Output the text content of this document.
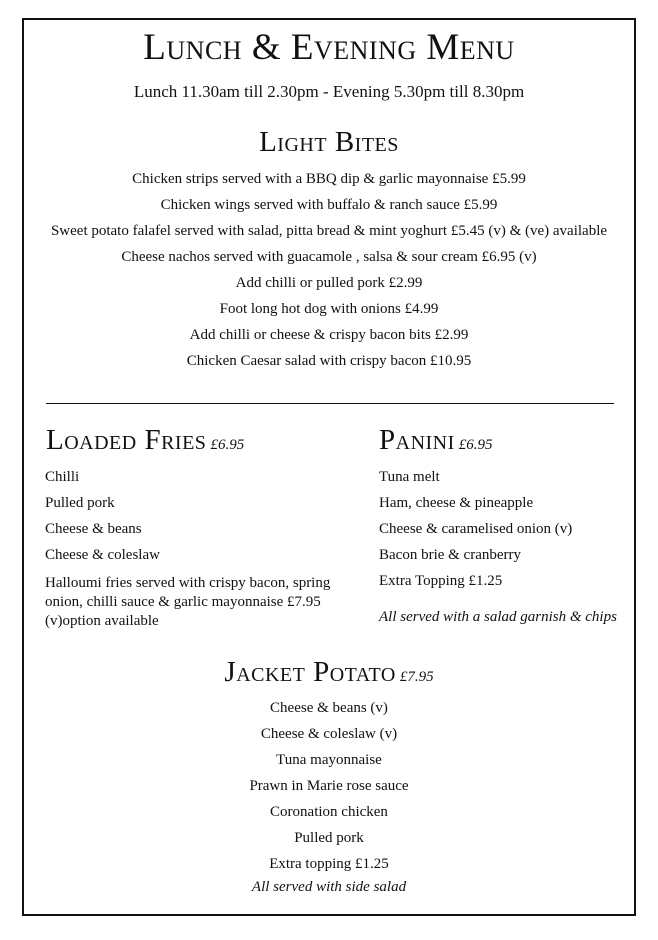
Lunch & Evening Menu
Lunch 11.30am till 2.30pm - Evening 5.30pm till 8.30pm
Light Bites
Chicken strips served with a BBQ dip & garlic mayonnaise £5.99
Chicken wings served with buffalo & ranch sauce £5.99
Sweet potato falafel served with salad, pitta bread & mint yoghurt £5.45 (v) & (ve) available
Cheese nachos served with guacamole , salsa & sour cream £6.95 (v)
Add chilli or pulled pork £2.99
Foot long hot dog with onions £4.99
Add chilli or cheese & crispy bacon bits £2.99
Chicken Caesar salad with crispy bacon £10.95
Loaded Fries £6.95
Chilli
Pulled pork
Cheese & beans
Cheese & coleslaw
Halloumi fries served with crispy bacon, spring onion, chilli sauce & garlic mayonnaise £7.95 (v)option available
Panini £6.95
Tuna melt
Ham, cheese & pineapple
Cheese & caramelised onion (v)
Bacon brie & cranberry
Extra Topping £1.25
All served with a salad garnish & chips
Jacket Potato £7.95
Cheese & beans (v)
Cheese & coleslaw (v)
Tuna mayonnaise
Prawn in Marie rose sauce
Coronation chicken
Pulled pork
Extra topping £1.25
All served with side salad
